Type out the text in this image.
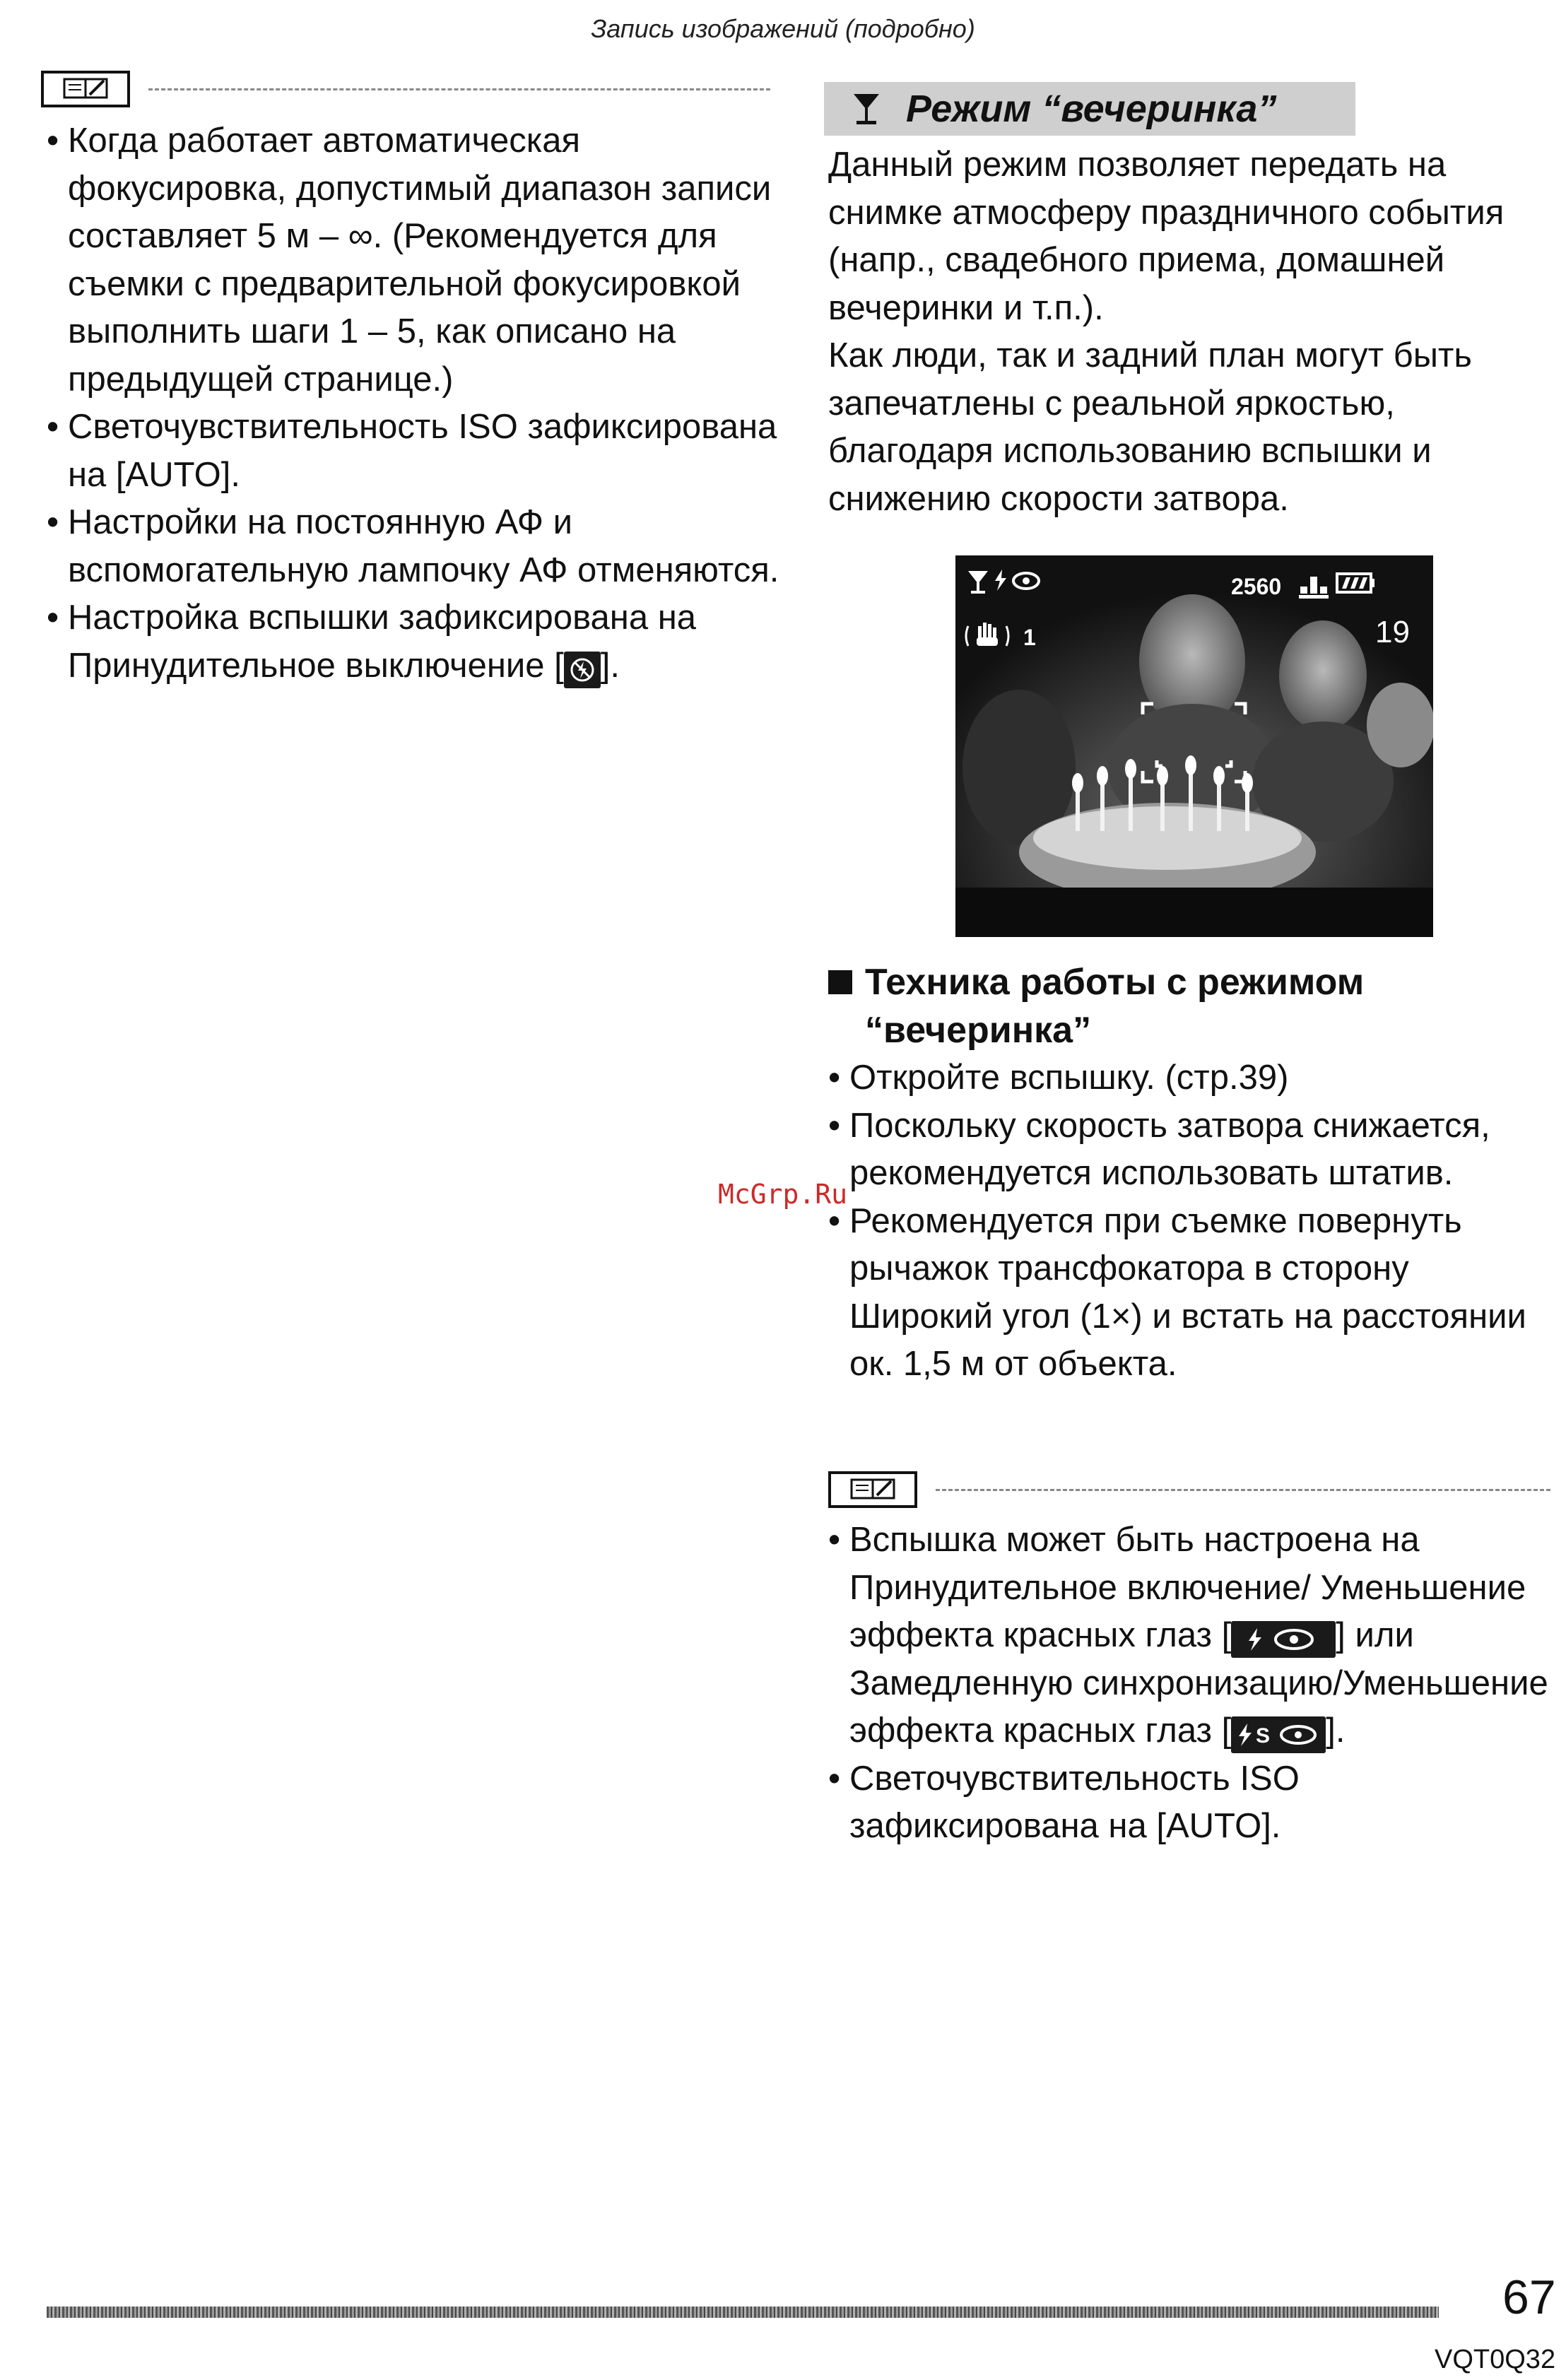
Запись изображений (подробно)

• Когда работает автоматическая фокусировка, допустимый диапазон записи составляет 5 м – ∞. (Рекомендуется для съемки с предварительной фокусировкой выполнить шаги 1 – 5, как описано на предыдущей странице.)

• Светочувствительность ISO зафиксирована на [AUTO].

• Настройки на постоянную АФ и вспомогательную лампочку АФ отменяются.

• Настройка вспышки зафиксирована на Принудительное выключение [ ].

Режим “вечеринка”

Данный режим позволяет передать на снимке атмосферу праздничного события (напр., свадебного приема, домашней вечеринки и т.п.).

Как люди, так и задний план могут быть запечатлены с реальной яркостью, благодаря использованию вспышки и снижению скорости затвора.

2560
1	19
Техника работы с режимом
“вечеринка”

• Откройте вспышку. (стр.39)

• Поскольку скорость затвора снижается, рекомендуется использовать штатив.

• Рекомендуется при съемке повернуть рычажок трансфокатора в сторону Широкий угол (1×) и встать на расстоянии ок. 1,5 м от объекта.

• Вспышка может быть настроена на Принудительное включение/ Уменьшение эффекта красных глаз [	] или Замедленную синхронизацию/Уменьшение эффекта красных глаз [ S ].

• Светочувствительность ISO зафиксирована на [AUTO].

McGrp.Ru
67
VQT0Q32
